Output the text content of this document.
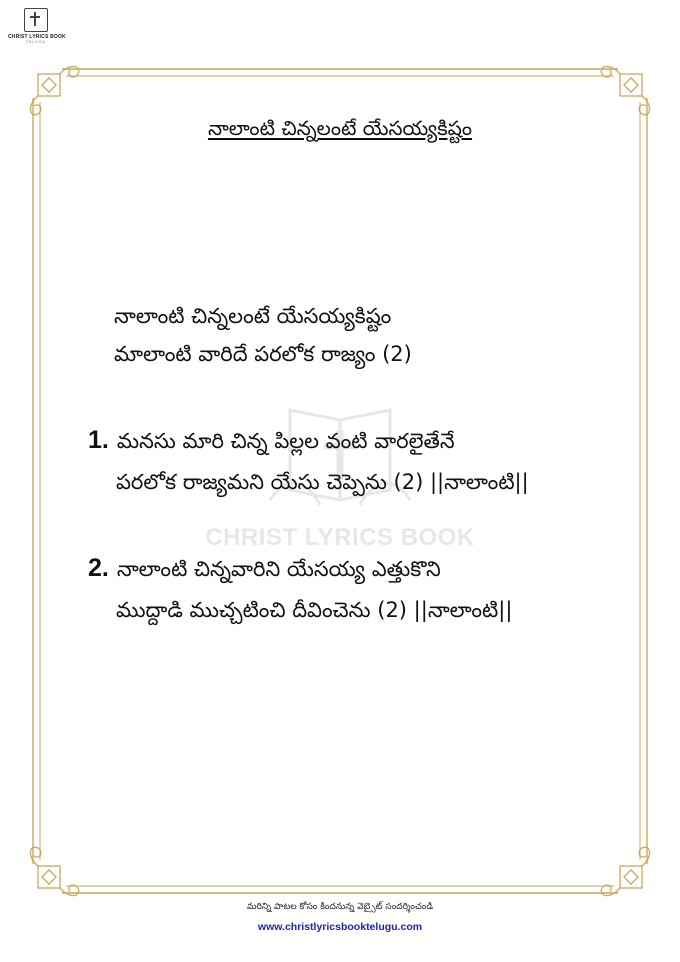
CHRIST LYRICS BOOK
TELUGU
నాలాంటి చిన్నలంటే యేసయ్యకిష్టం
CHRIST LYRICS BOOK
నాలాంటి చిన్నలంటే యేసయ్యకిష్టం
మాలాంటి వారిదే పరలోక రాజ్యం (2)
1. మనసు మారి చిన్న పిల్లల వంటి వారలైతేనే
పరలోక రాజ్యమని యేసు చెప్పెను (2) ||నాలాంటి||
2. నాలాంటి చిన్నవారిని యేసయ్య ఎత్తుకొని
ముద్దాడి ముచ్చటించి దీవించెను (2) ||నాలాంటి||
మరిన్ని పాటల కోసం కిందనున్న వెబ్సైట్ సందర్శించండి
www.christlyricsbooktelugu.com
